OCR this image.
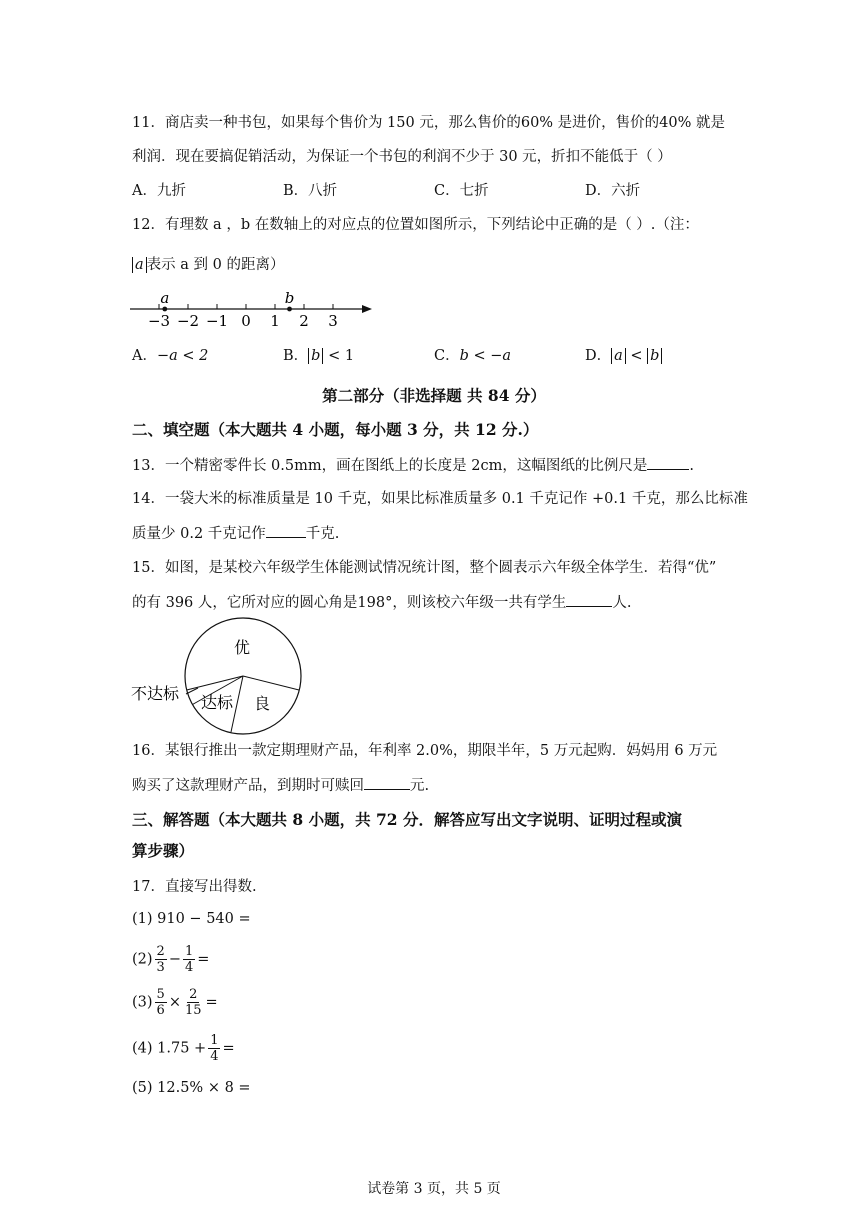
11．商店卖一种书包，如果每个售价为 150 元，那么售价的60% 是进价，售价的40% 就是
利润．现在要搞促销活动，为保证一个书包的利润不少于 30 元，折扣不能低于（ ）
A．九折	B．八折	C．七折	D．六折
12．有理数 a ，b 在数轴上的对应点的位置如图所示，下列结论中正确的是（ ）.（注：
a 表示 a 到 0 的距离）
−3 −2 −1 0 1 2 3
a	b
A．−a < 2	B． b < 1	C．b < −a	D． a < b
第二部分（非选择题 共 84 分）
二、填空题（本大题共 4 小题，每小题 3 分，共 12 分.）
13．一个精密零件长 0.5mm，画在图纸上的长度是 2cm，这幅图纸的比例尺是	.
14．一袋大米的标准质量是 10 千克，如果比标准质量多 0.1 千克记作 +0.1 千克，那么比标准
质量少 0.2 千克记作	千克.
15．如图，是某校六年级学生体能测试情况统计图，整个圆表示六年级全体学生．若得“优”
的有 396 人，它所对应的圆心角是198°，则该校六年级一共有学生	人.
优
良
达标
不达标
16．某银行推出一款定期理财产品，年利率 2.0%，期限半年，5 万元起购．妈妈用 6 万元
购买了这款理财产品，到期时可赎回	元.
三、解答题（本大题共 8 小题，共 72 分．解答应写出文字说明、证明过程或演
算步骤）
17．直接写出得数.
(1) 910 − 540 =
$(2) \frac{2}{3} - \frac{1}{4}$ =
$(3) \frac{5}{6} \times \frac{2}{15}$ =
(4) $1.75 + \frac{1}{4}$ =
(5) 12.5% × 8 =
试卷第 3 页，共 5 页
